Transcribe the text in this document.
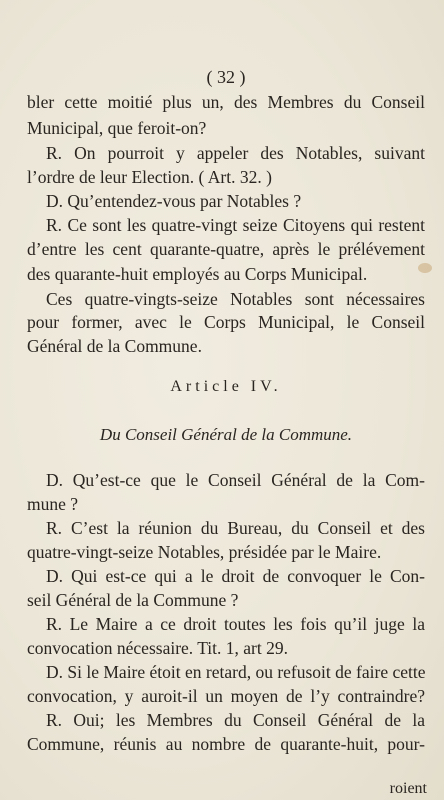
( 32 )
bler cette moitié plus un, des Membres du Conseil
Municipal, que feroit-on?
R. On pourroit y appeler des Notables, suivant
l’ordre de leur Election. ( Art. 32. )
D. Qu’entendez-vous par Notables ?
R. Ce sont les quatre-vingt seize Citoyens qui restent
d’entre les cent quarante-quatre, après le prélévement
des quarante-huit employés au Corps Municipal.
Ces quatre-vingts-seize Notables sont nécessaires
pour former, avec le Corps Municipal, le Conseil
Général de la Commune.
Article IV.
Du Conseil Général de la Commune.
D. Qu’est-ce que le Conseil Général de la Com-
mune ?
R. C’est la réunion du Bureau, du Conseil et des
quatre-vingt-seize Notables, présidée par le Maire.
D. Qui est-ce qui a le droit de convoquer le Con-
seil Général de la Commune ?
R. Le Maire a ce droit toutes les fois qu’il juge la
convocation nécessaire. Tit. 1, art 29.
D. Si le Maire étoit en retard, ou refusoit de faire cette
convocation, y auroit-il un moyen de l’y contraindre?
R. Oui; les Membres du Conseil Général de la
Commune, réunis au nombre de quarante-huit, pour-
roient
